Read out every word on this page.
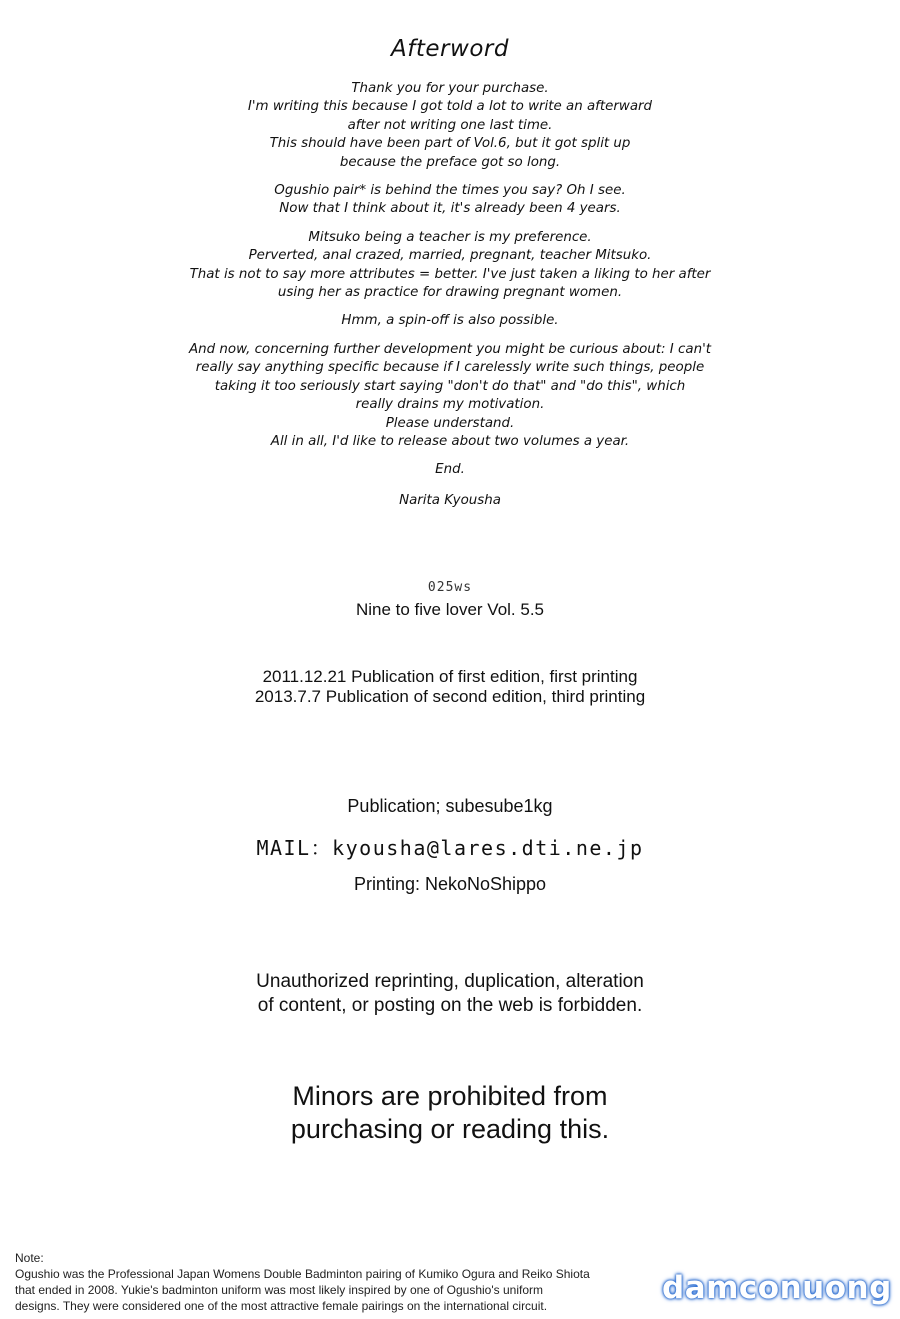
Afterword
Thank you for your purchase.
I'm writing this because I got told a lot to write an afterward
after not writing one last time.
This should have been part of Vol.6, but it got split up
because the preface got so long.
Ogushio pair* is behind the times you say? Oh I see.
Now that I think about it, it's already been 4 years.
Mitsuko being a teacher is my preference.
Perverted, anal crazed, married, pregnant, teacher Mitsuko.
That is not to say more attributes = better. I've just taken a liking to her after
using her as practice for drawing pregnant women.
Hmm, a spin-off is also possible.
And now, concerning further development you might be curious about: I can't
really say anything specific because if I carelessly write such things, people
taking it too seriously start saying "don't do that" and "do this", which
really drains my motivation.
Please understand.
All in all, I'd like to release about two volumes a year.
End.
Narita Kyousha
025ws
Nine to five lover Vol. 5.5
2011.12.21 Publication of first edition, first printing
2013.7.7 Publication of second edition, third printing
Publication; subesube1kg
MAIL：kyousha@lares.dti.ne.jp
Printing: NekoNoShippo
Unauthorized reprinting, duplication, alteration
of content, or posting on the web is forbidden.
Minors are prohibited from
purchasing or reading this.
Note:
Ogushio was the Professional Japan Womens Double Badminton pairing of Kumiko Ogura and Reiko Shiota
that ended in 2008. Yukie's badminton uniform was most likely inspired by one of Ogushio's uniform
designs. They were considered one of the most attractive female pairings on the international circuit.	damconuong
